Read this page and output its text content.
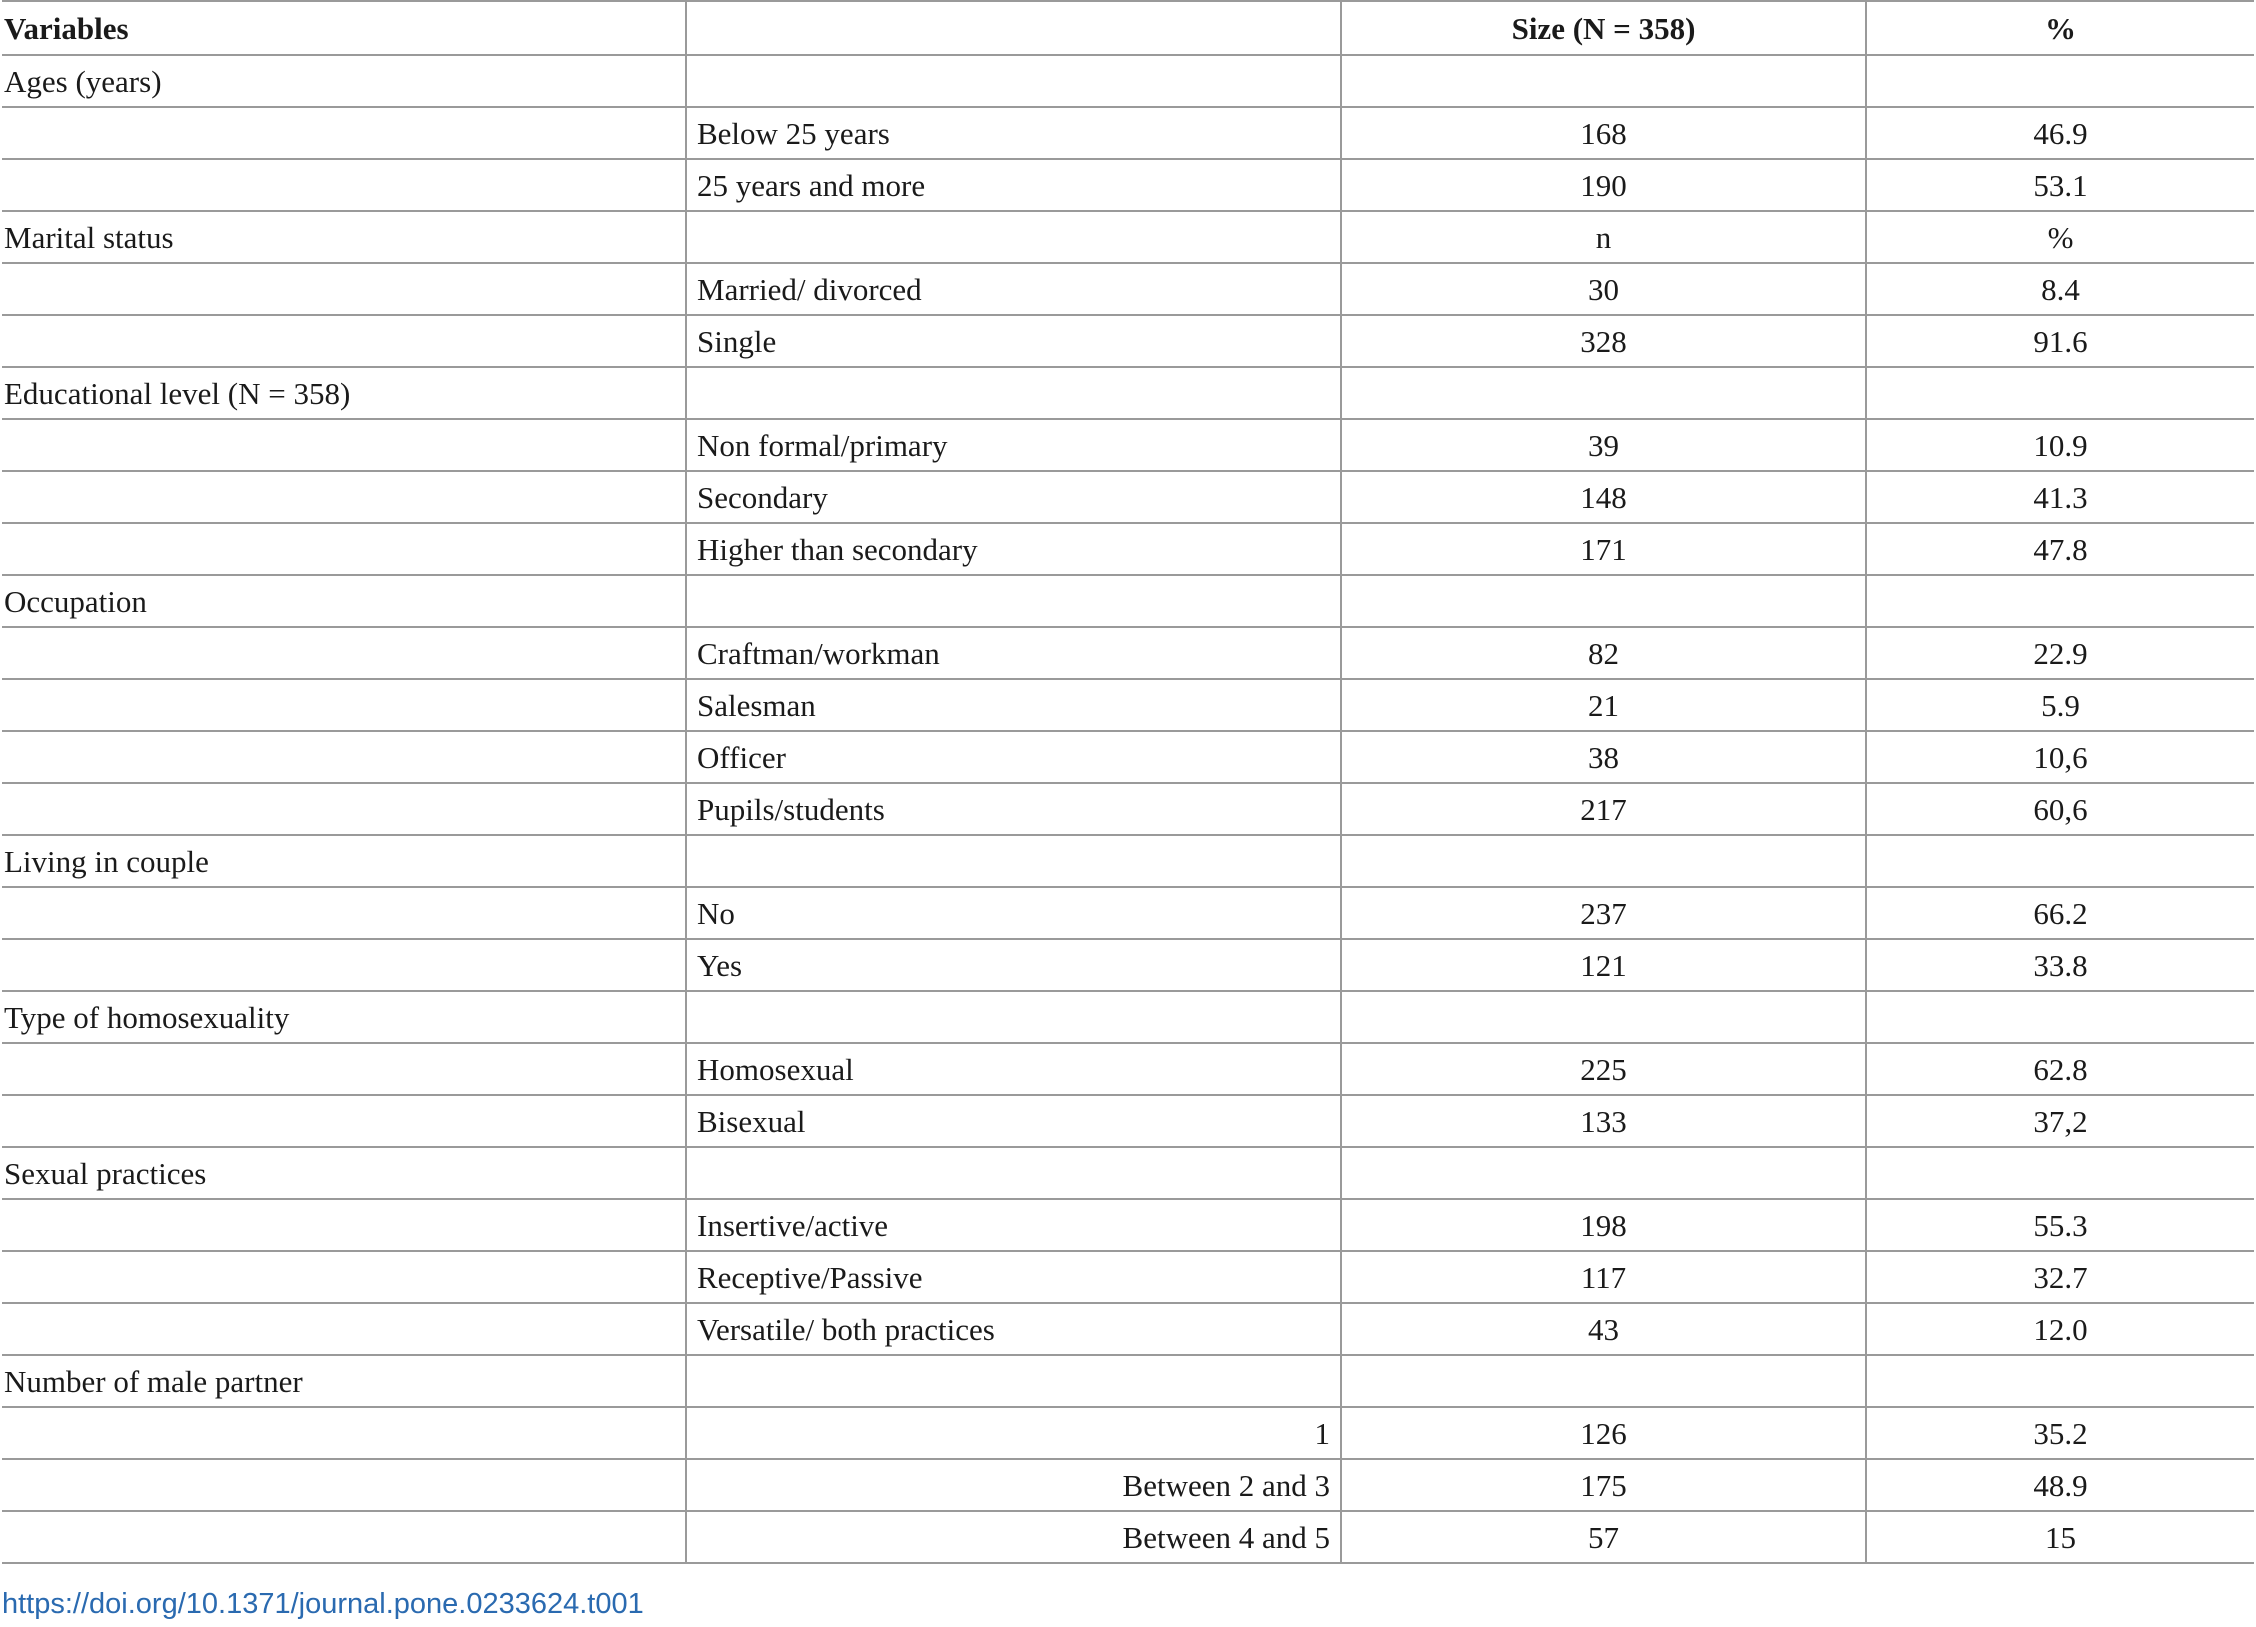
Variables		Size (N = 358)	%
Ages (years)			
	Below 25 years	168	46.9
	25 years and more	190	53.1
Marital status		n	%
	Married/ divorced	30	8.4
	Single	328	91.6
Educational level (N = 358)			
	Non formal/primary	39	10.9
	Secondary	148	41.3
	Higher than secondary	171	47.8
Occupation			
	Craftman/workman	82	22.9
	Salesman	21	5.9
	Officer	38	10,6
	Pupils/students	217	60,6
Living in couple			
	No	237	66.2
	Yes	121	33.8
Type of homosexuality			
	Homosexual	225	62.8
	Bisexual	133	37,2
Sexual practices			
	Insertive/active	198	55.3
	Receptive/Passive	117	32.7
	Versatile/ both practices	43	12.0
Number of male partner			
	1	126	35.2
	Between 2 and 3	175	48.9
	Between 4 and 5	57	15
https://doi.org/10.1371/journal.pone.0233624.t001
